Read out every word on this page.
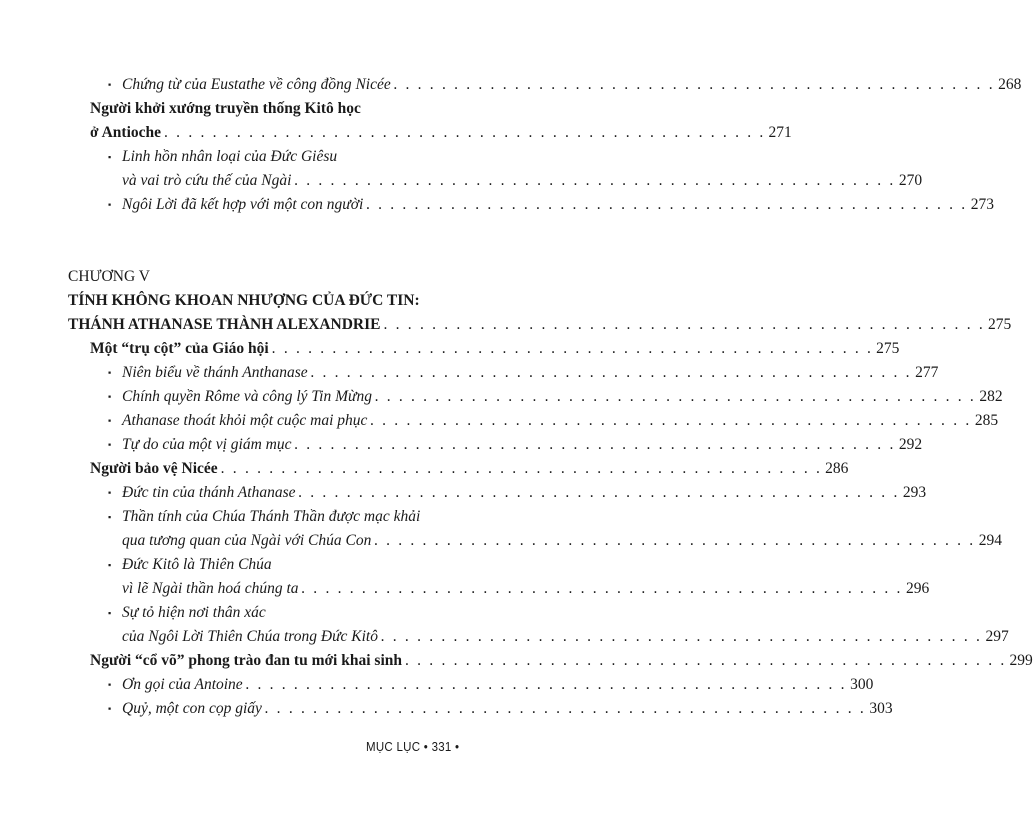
▪ Chứng từ của Eustathe về công đồng Nicée . . . . . . . . . . . . . . . . . . . . . . . . . . . . . . . . . . . . . . . . . . . . . . . . . . 268
Người khởi xướng truyền thống Kitô học
ở Antioche . . . . . . . . . . . . . . . . . . . . . . . . . . . . . . . . . . . . . . . . . . . . . . . . . . 271
▪ Linh hồn nhân loại của Đức Giêsu
và vai trò cứu thế của Ngài . . . . . . . . . . . . . . . . . . . . . . . . . . . . . . . . . . . . . . . . . . . . . . . . . . 270
▪ Ngôi Lời đã kết hợp với một con người . . . . . . . . . . . . . . . . . . . . . . . . . . . . . . . . . . . . . . . . . . . . . . . . . . 273
CHƯƠNG V
TÍNH KHÔNG KHOAN NHƯỢNG CỦA ĐỨC TIN:
THÁNH ATHANASE THÀNH ALEXANDRIE . . . . . . . . . . . . . . . . . . . . . . . . . . . . . . . . . . . . . . . . . . . . . . . . . . 275
Một “trụ cột” của Giáo hội . . . . . . . . . . . . . . . . . . . . . . . . . . . . . . . . . . . . . . . . . . . . . . . . . . 275
▪ Niên biểu về thánh Anthanase . . . . . . . . . . . . . . . . . . . . . . . . . . . . . . . . . . . . . . . . . . . . . . . . . . 277
▪ Chính quyền Rôme và công lý Tin Mừng . . . . . . . . . . . . . . . . . . . . . . . . . . . . . . . . . . . . . . . . . . . . . . . . . . 282
▪ Athanase thoát khỏi một cuộc mai phục . . . . . . . . . . . . . . . . . . . . . . . . . . . . . . . . . . . . . . . . . . . . . . . . . . 285
▪ Tự do của một vị giám mục . . . . . . . . . . . . . . . . . . . . . . . . . . . . . . . . . . . . . . . . . . . . . . . . . . 292
Người bảo vệ Nicée . . . . . . . . . . . . . . . . . . . . . . . . . . . . . . . . . . . . . . . . . . . . . . . . . . 286
▪ Đức tin của thánh Athanase . . . . . . . . . . . . . . . . . . . . . . . . . . . . . . . . . . . . . . . . . . . . . . . . . . 293
▪ Thần tính của Chúa Thánh Thần được mạc khải
qua tương quan của Ngài với Chúa Con . . . . . . . . . . . . . . . . . . . . . . . . . . . . . . . . . . . . . . . . . . . . . . . . . . 294
▪ Đức Kitô là Thiên Chúa
vì lẽ Ngài thần hoá chúng ta . . . . . . . . . . . . . . . . . . . . . . . . . . . . . . . . . . . . . . . . . . . . . . . . . . 296
▪ Sự tỏ hiện nơi thân xác
của Ngôi Lời Thiên Chúa trong Đức Kitô . . . . . . . . . . . . . . . . . . . . . . . . . . . . . . . . . . . . . . . . . . . . . . . . . . 297
Người “cổ võ” phong trào đan tu mới khai sinh . . . . . . . . . . . . . . . . . . . . . . . . . . . . . . . . . . . . . . . . . . . . . . . . . . 299
▪ Ơn gọi của Antoine . . . . . . . . . . . . . . . . . . . . . . . . . . . . . . . . . . . . . . . . . . . . . . . . . . 300
▪ Quỷ, một con cọp giấy . . . . . . . . . . . . . . . . . . . . . . . . . . . . . . . . . . . . . . . . . . . . . . . . . . 303
MỤC LỤC • 331 •
